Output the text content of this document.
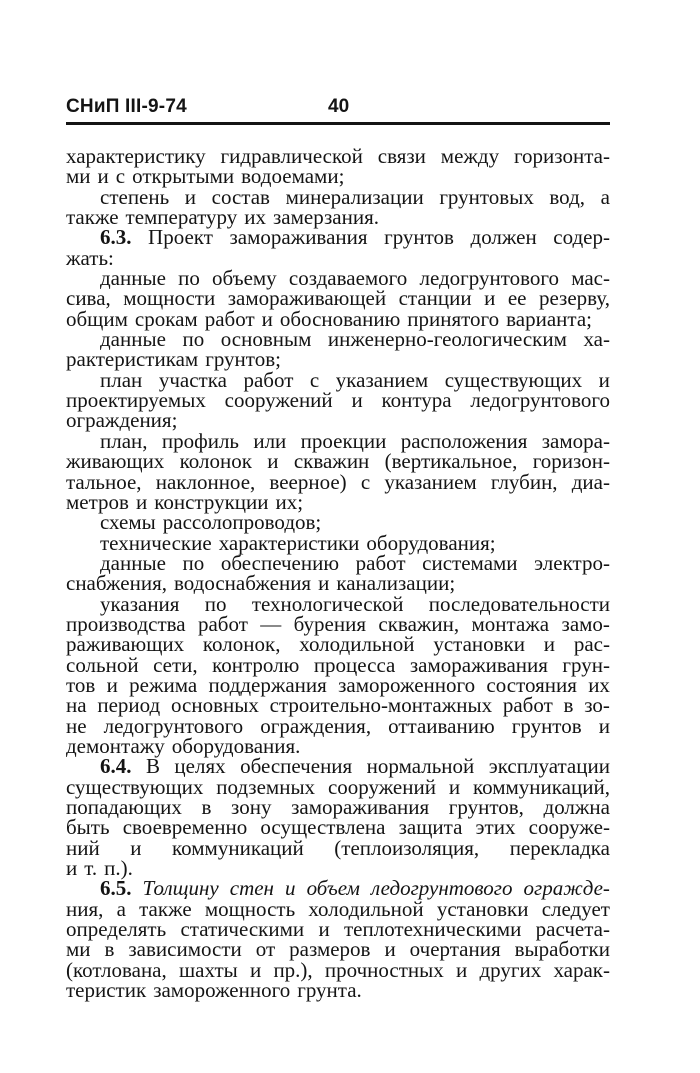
СНиП III-9-74	40
характеристику гидравлической связи между горизонта-
ми и с открытыми водоемами;
степень и состав минерализации грунтовых вод, а
также температуру их замерзания.
6.3. Проект замораживания грунтов должен содер-
жать:
данные по объему создаваемого ледогрунтового мас-
сива, мощности замораживающей станции и ее резерву,
общим срокам работ и обоснованию принятого варианта;
данные по основным инженерно-геологическим ха-
рактеристикам грунтов;
план участка работ с указанием существующих и
проектируемых сооружений и контура ледогрунтового
ограждения;
план, профиль или проекции расположения замора-
живающих колонок и скважин (вертикальное, горизон-
тальное, наклонное, веерное) с указанием глубин, диа-
метров и конструкции их;
схемы рассолопроводов;
технические характеристики оборудования;
данные по обеспечению работ системами электро-
снабжения, водоснабжения и канализации;
указания по технологической последовательности
производства работ — бурения скважин, монтажа замо-
раживающих колонок, холодильной установки и рас-
сольной сети, контролю процесса замораживания грун-
тов и режима поддержания замороженного состояния их
на период основных строительно-монтажных работ в зо-
не ледогрунтового ограждения, оттаиванию грунтов и
демонтажу оборудования.
6.4. В целях обеспечения нормальной эксплуатации
существующих подземных сооружений и коммуникаций,
попадающих в зону замораживания грунтов, должна
быть своевременно осуществлена защита этих сооруже-
ний и коммуникаций (теплоизоляция, перекладка
и т. п.).
6.5. Толщину стен и объем ледогрунтового огражде-
ния, а также мощность холодильной установки следует
определять статическими и теплотехническими расчета-
ми в зависимости от размеров и очертания выработки
(котлована, шахты и пр.), прочностных и других харак-
теристик замороженного грунта.
